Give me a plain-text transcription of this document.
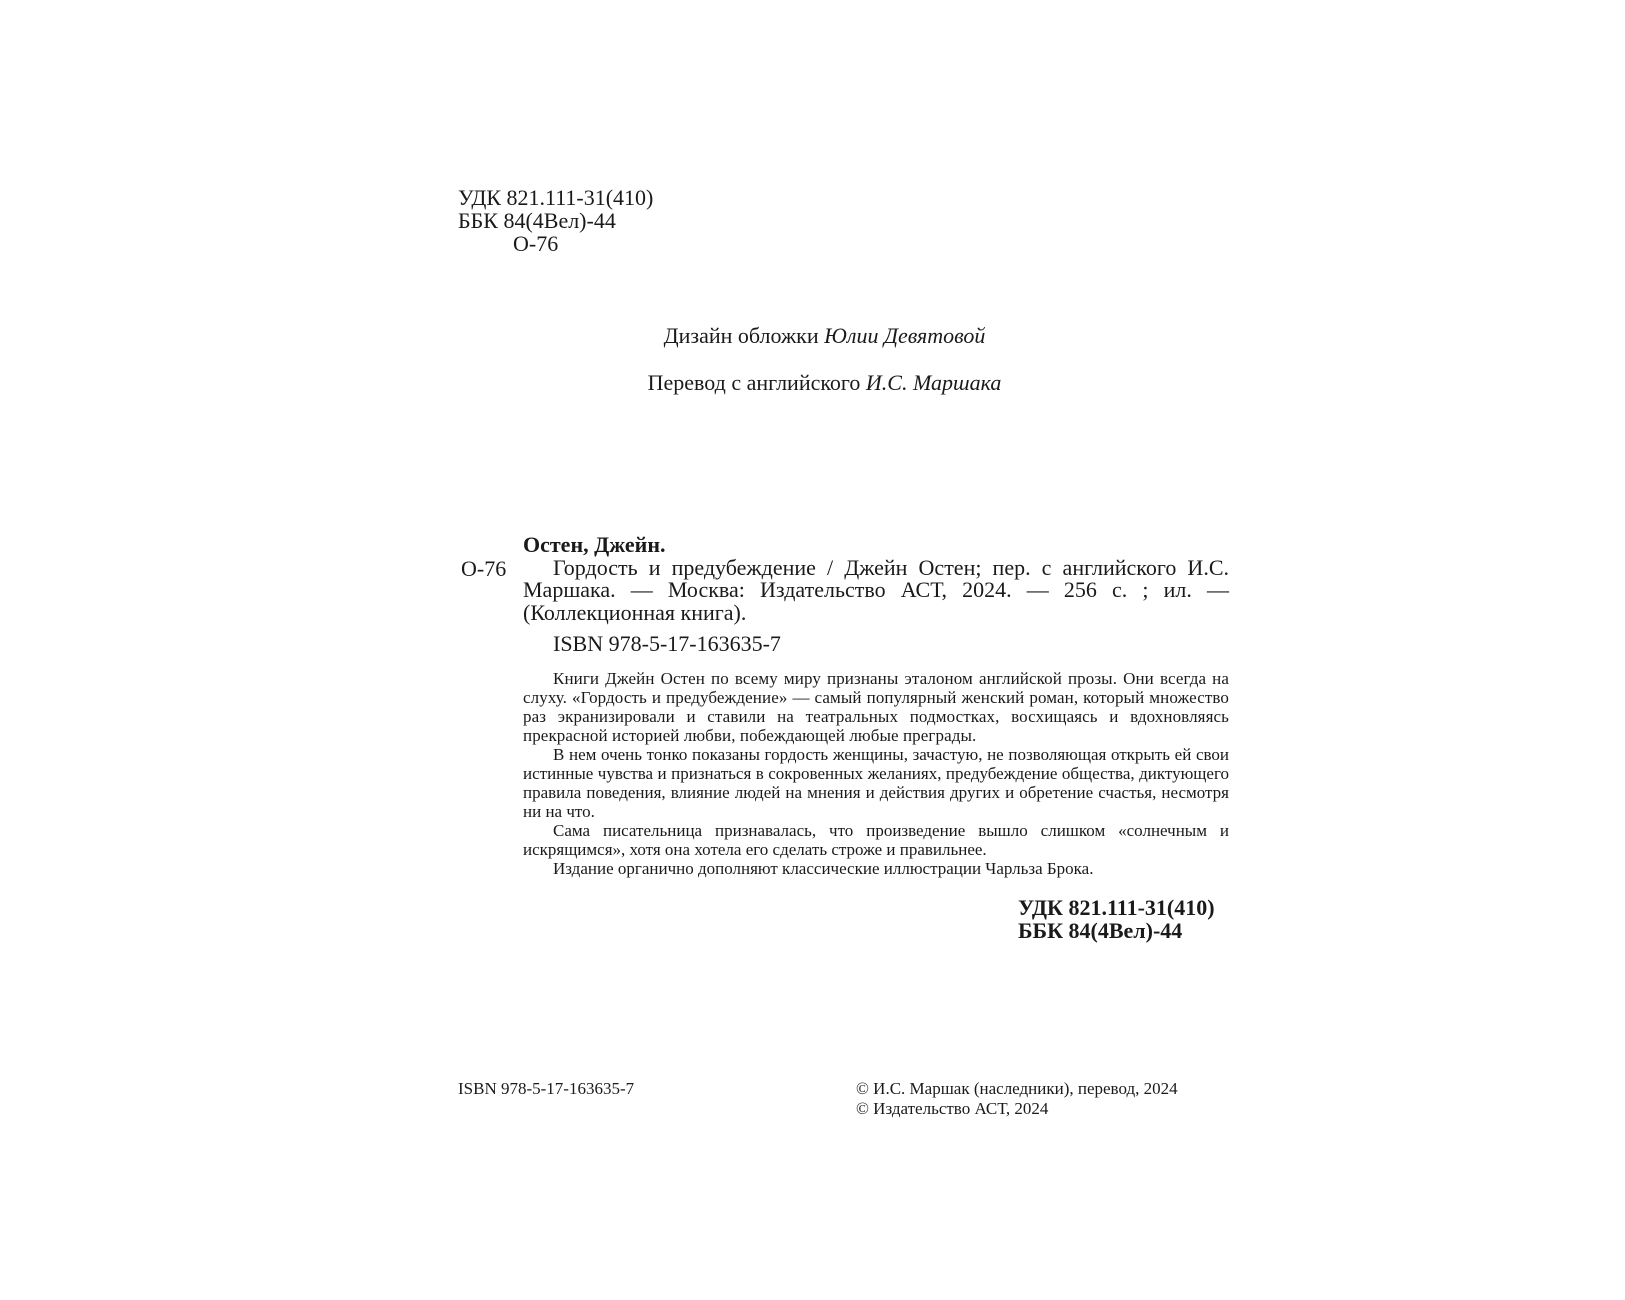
УДК 821.111-31(410)
ББК 84(4Вел)-44
О-76
Дизайн обложки Юлии Девятовой
Перевод с английского И.С. Маршака
О-76
Остен, Джейн.

Гордость и предубеждение / Джейн Остен; пер. с английского И.С. Маршака. — Москва: Издательство АСТ, 2024. — 256 с. ; ил. — (Коллекционная книга).

ISBN 978-5-17-163635-7

Книги Джейн Остен по всему миру признаны эталоном английской прозы. Они всегда на слуху. «Гордость и предубеждение» — самый популярный женский роман, который множество раз экранизировали и ставили на театральных подмостках, восхищаясь и вдохновляясь прекрасной историей любви, побеждающей любые преграды.

В нем очень тонко показаны гордость женщины, зачастую, не позволяющая открыть ей свои истинные чувства и признаться в сокровенных желаниях, предубеждение общества, диктующего правила поведения, влияние людей на мнения и действия других и обретение счастья, несмотря ни на что.

Сама писательница признавалась, что произведение вышло слишком «солнечным и искрящимся», хотя она хотела его сделать строже и правильнее.

Издание органично дополняют классические иллюстрации Чарльза Брока.

УДК 821.111-31(410)
ББК 84(4Вел)-44
ISBN 978-5-17-163635-7	© И.С. Маршак (наследники), перевод, 2024
© Издательство АСТ, 2024
